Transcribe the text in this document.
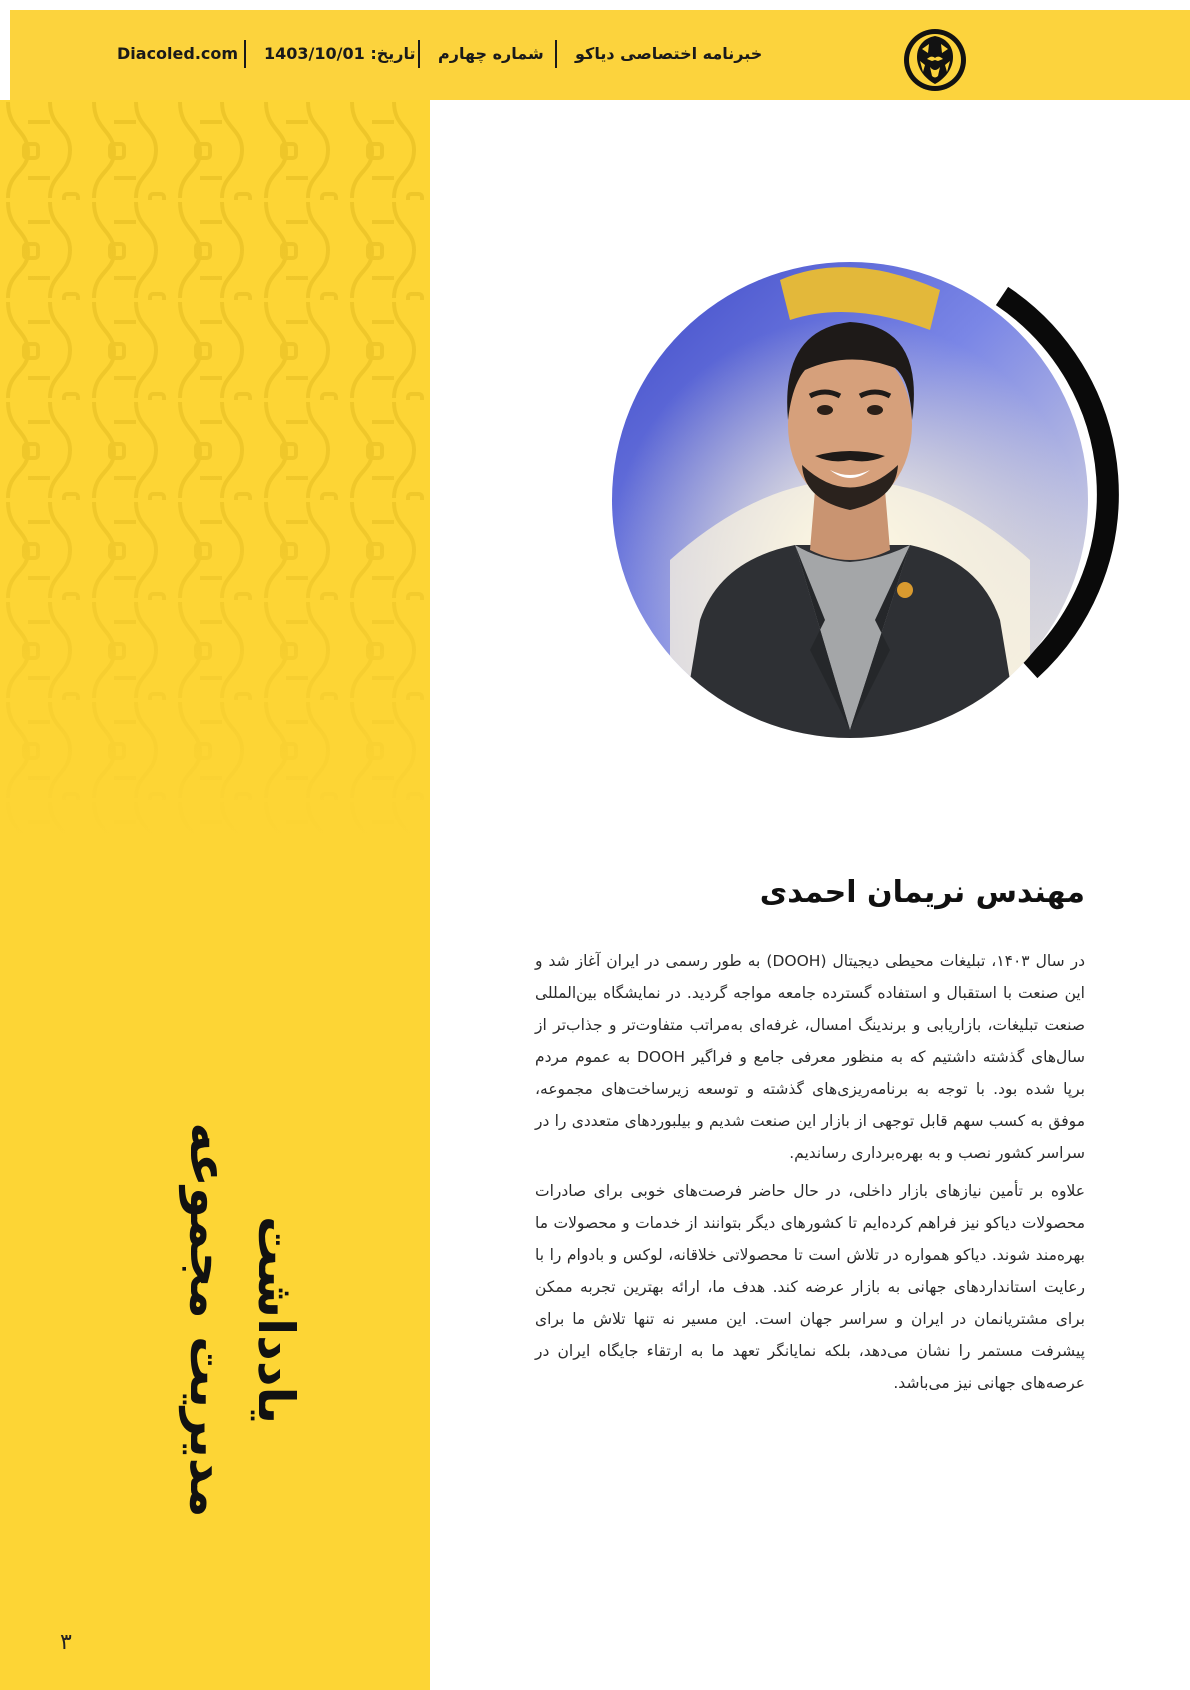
Diacoled.com	تاریخ: 1403/10/01	شماره چهارم خبرنامه اختصاصی دیاکو
یادداشت
مدیریت مجموعه
۳
مهندس نریمان احمدی

در سال ۱۴۰۳، تبلیغات محیطی دیجیتال (DOOH) به طور رسمی در ایران آغاز شد و این صنعت با استقبال و استفاده گسترده جامعه مواجه گردید. در نمایشگاه بین‌المللی صنعت تبلیغات، بازاریابی و برندینگ امسال، غرفه‌ای به‌مراتب متفاوت‌تر و جذاب‌تر از سال‌های گذشته داشتیم که به منظور معرفی جامع و فراگیر DOOH به عموم مردم برپا شده بود. با توجه به برنامه‌ریزی‌های گذشته و توسعه زیرساخت‌های مجموعه، موفق به کسب سهم قابل توجهی از بازار این صنعت شدیم و بیلبوردهای متعددی را در سراسر کشور نصب و به بهره‌برداری رساندیم.

علاوه بر تأمین نیازهای بازار داخلی، در حال حاضر فرصت‌های خوبی برای صادرات محصولات دیاکو نیز فراهم کرده‌ایم تا کشورهای دیگر بتوانند از خدمات و محصولات ما بهره‌مند شوند. دیاکو همواره در تلاش است تا محصولاتی خلاقانه، لوکس و بادوام را با رعایت استانداردهای جهانی به بازار عرضه کند. هدف ما، ارائه بهترین تجربه ممکن برای مشتریانمان در ایران و سراسر جهان است. این مسیر نه تنها تلاش ما برای پیشرفت مستمر را نشان می‌دهد، بلکه نمایانگر تعهد ما به ارتقاء جایگاه ایران در عرصه‌های جهانی نیز می‌باشد.
